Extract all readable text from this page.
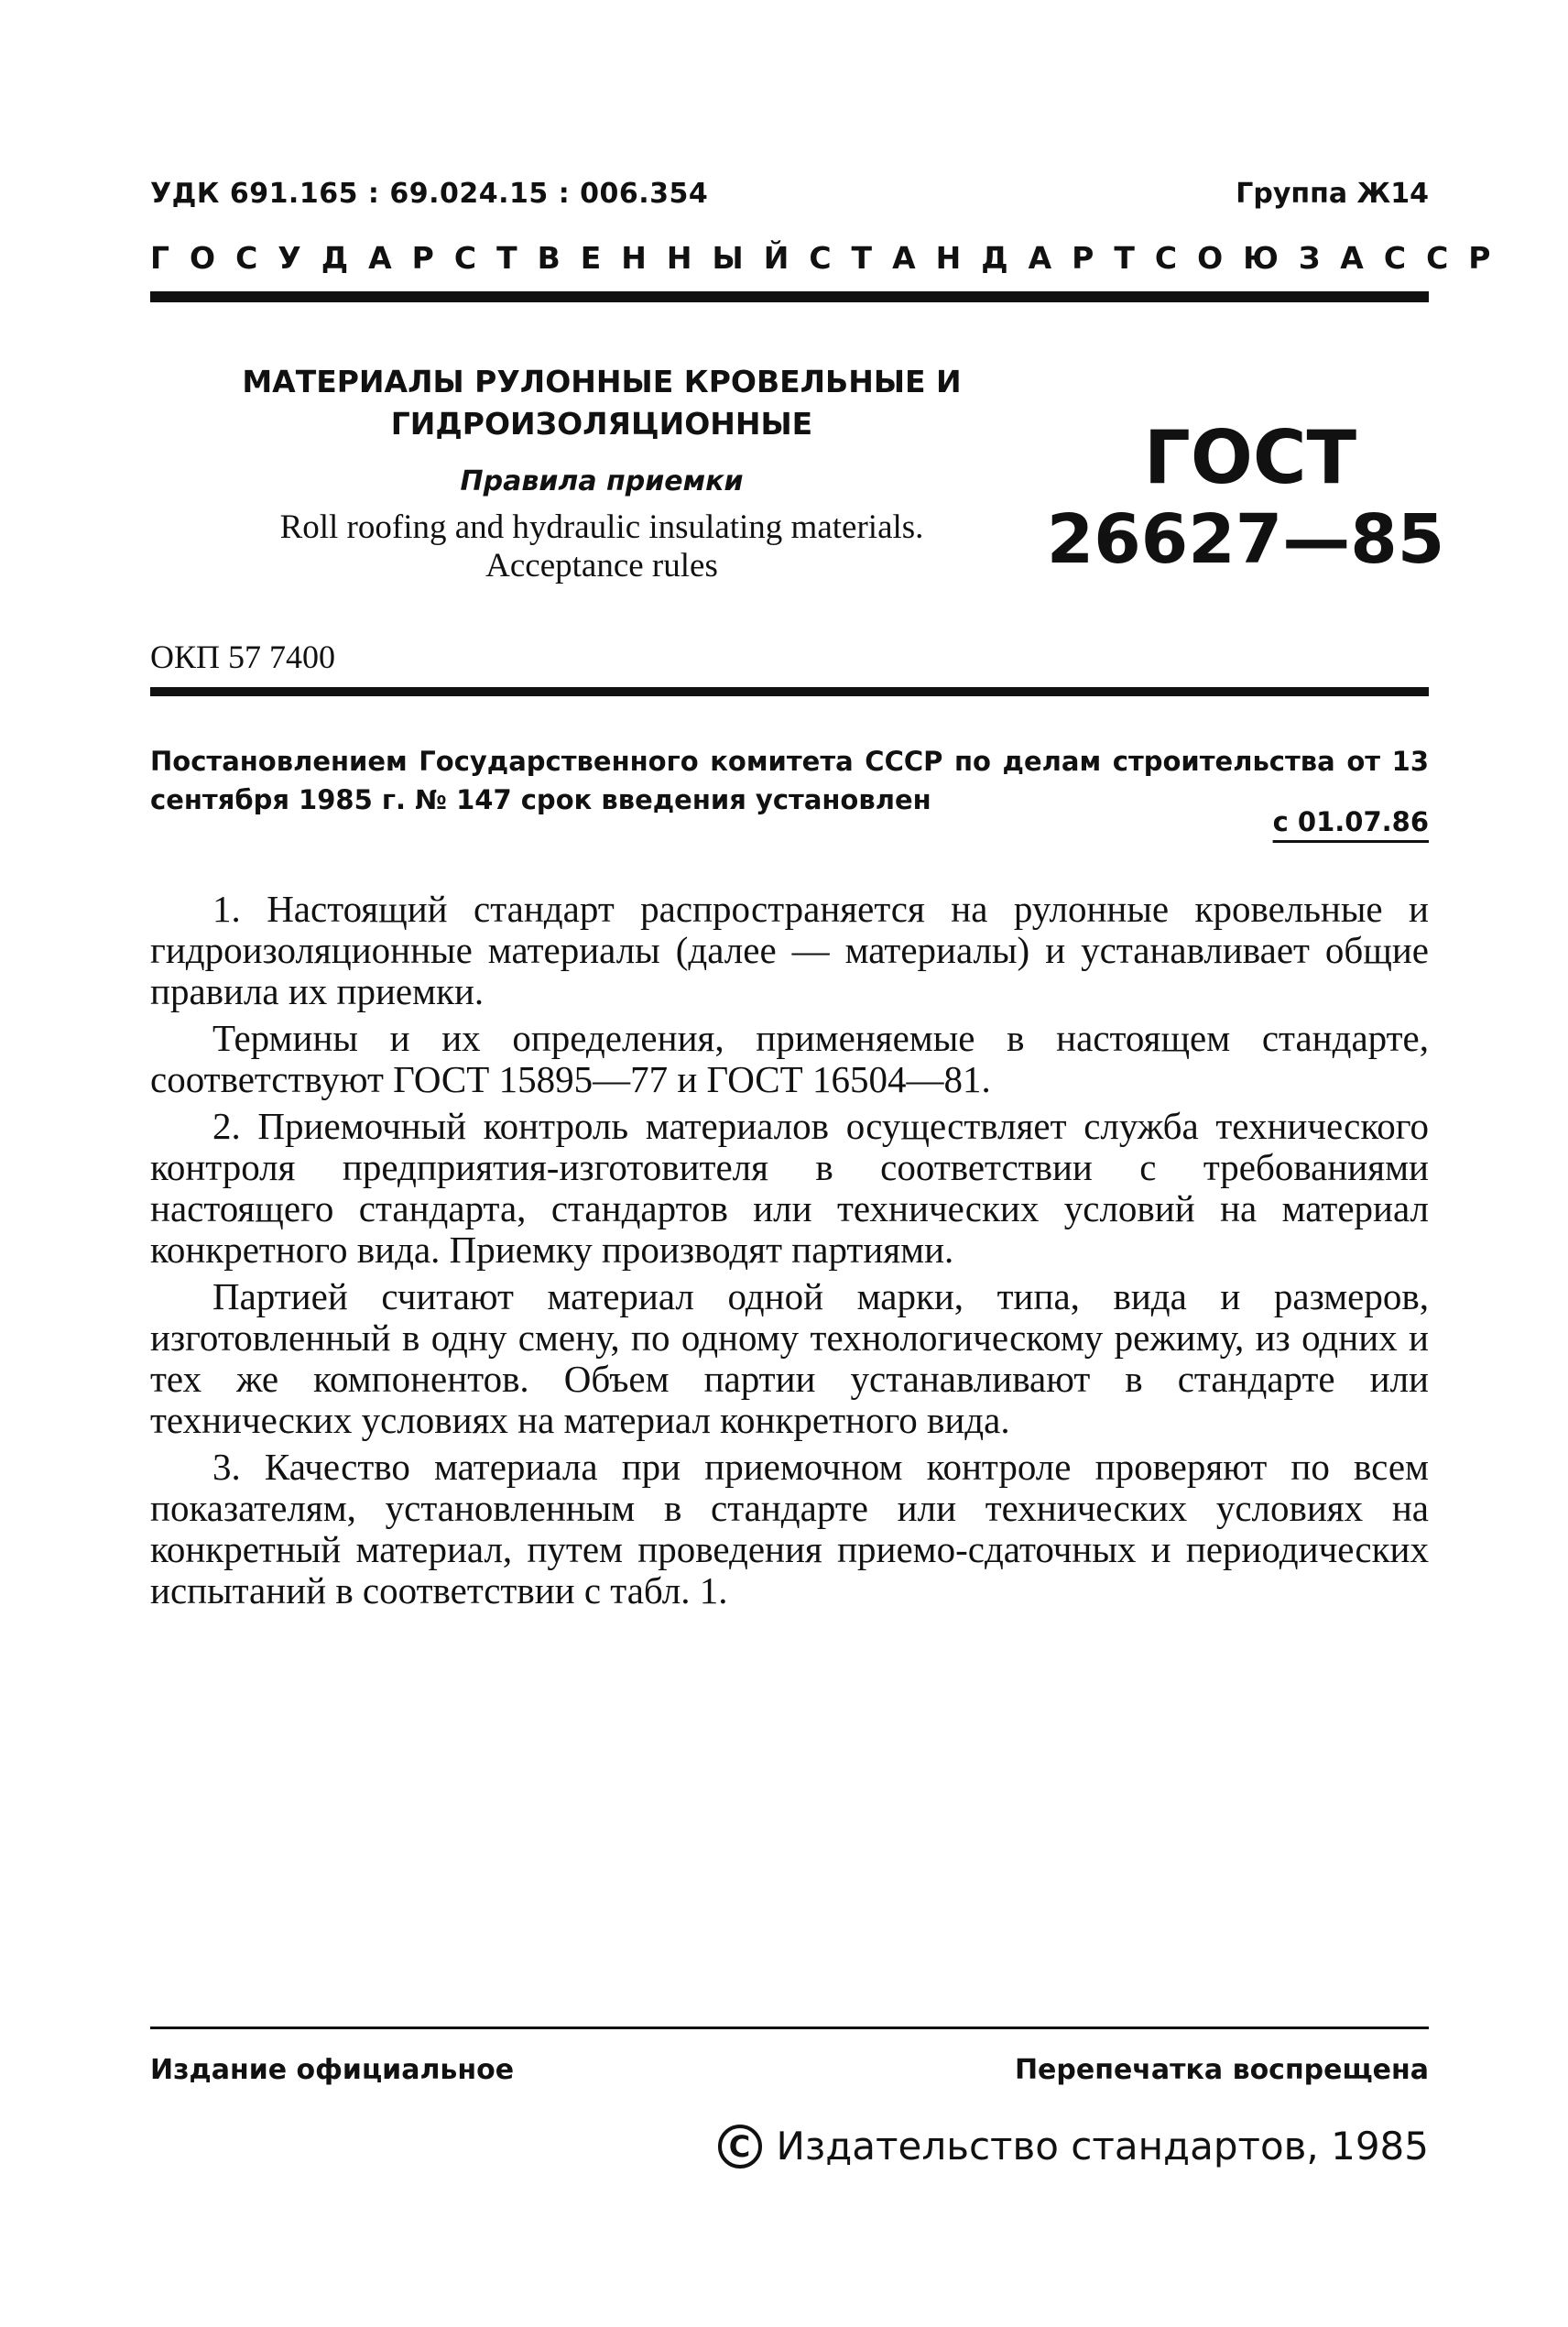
УДК 691.165 : 69.024.15 : 006.354	Группа Ж14
ГОСУДАРСТВЕННЫЙ СТАНДАРТ СОЮЗА ССР
МАТЕРИАЛЫ РУЛОННЫЕ КРОВЕЛЬНЫЕ И
ГИДРОИЗОЛЯЦИОННЫЕ
Правила приемки
Roll roofing and hydraulic insulating materials.
Acceptance rules
ГОСТ
26627—85
ОКП 57 7400
Постановлением Государственного комитета СССР по делам строительства от 13 сентября 1985 г. № 147 срок введения установлен
с 01.07.86

1. Настоящий стандарт распространяется на рулонные кровельные и гидроизоляционные материалы (далее — материалы) и устанавливает общие правила их приемки.

Термины и их определения, применяемые в настоящем стандарте, соответствуют ГОСТ 15895—77 и ГОСТ 16504—81.

2. Приемочный контроль материалов осуществляет служба технического контроля предприятия-изготовителя в соответствии с требованиями настоящего стандарта, стандартов или технических условий на материал конкретного вида. Приемку производят партиями.

Партией считают материал одной марки, типа, вида и размеров, изготовленный в одну смену, по одному технологическому режиму, из одних и тех же компонентов. Объем партии устанавливают в стандарте или технических условиях на материал конкретного вида.

3. Качество материала при приемочном контроле проверяют по всем показателям, установленным в стандарте или технических условиях на конкретный материал, путем проведения приемо-сдаточных и периодических испытаний в соответствии с табл. 1.

Издание официальное	Перепечатка воспрещена
C Издательство стандартов, 1985
